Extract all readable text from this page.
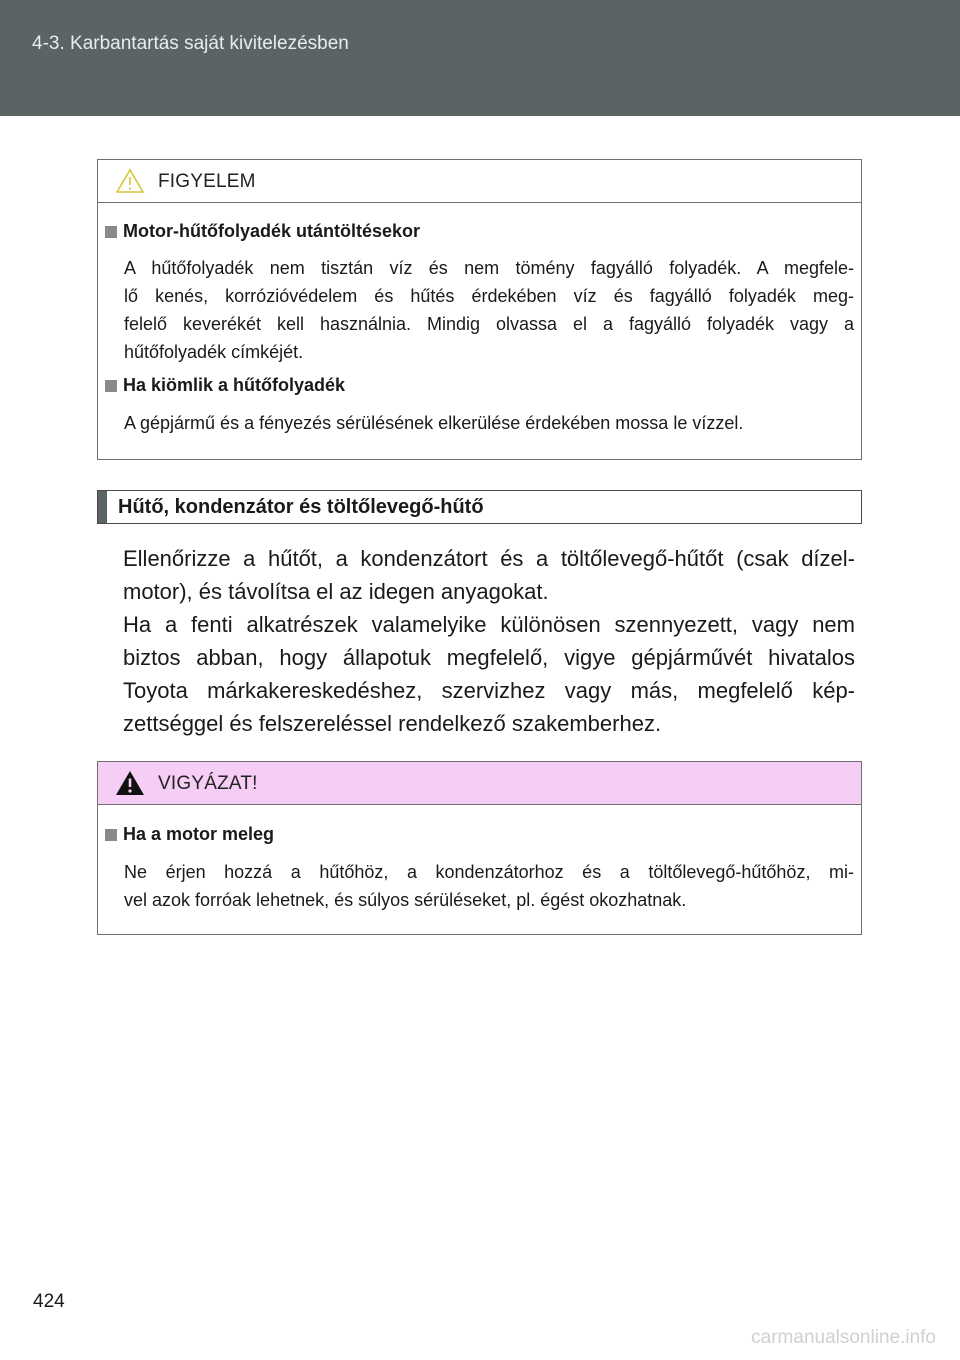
4-3. Karbantartás saját kivitelezésben
FIGYELEM
Motor-hűtőfolyadék utántöltésekor
A hűtőfolyadék nem tisztán víz és nem tömény fagyálló folyadék. A megfele-
lő kenés, korrózióvédelem és hűtés érdekében víz és fagyálló folyadék meg-
felelő keverékét kell használnia. Mindig olvassa el a fagyálló folyadék vagy a
hűtőfolyadék címkéjét.
Ha kiömlik a hűtőfolyadék
A gépjármű és a fényezés sérülésének elkerülése érdekében mossa le vízzel.
Hűtő, kondenzátor és töltőlevegő-hűtő
Ellenőrizze a hűtőt, a kondenzátort és a töltőlevegő-hűtőt (csak dízel-
motor), és távolítsa el az idegen anyagokat.
Ha a fenti alkatrészek valamelyike különösen szennyezett, vagy nem
biztos abban, hogy állapotuk megfelelő, vigye gépjárművét hivatalos
Toyota márkakereskedéshez, szervizhez vagy más, megfelelő kép-
zettséggel és felszereléssel rendelkező szakemberhez.
VIGYÁZAT!
Ha a motor meleg
Ne érjen hozzá a hűtőhöz, a kondenzátorhoz és a töltőlevegő-hűtőhöz, mi-
vel azok forróak lehetnek, és súlyos sérüléseket, pl. égést okozhatnak.
424
carmanualsonline.info
